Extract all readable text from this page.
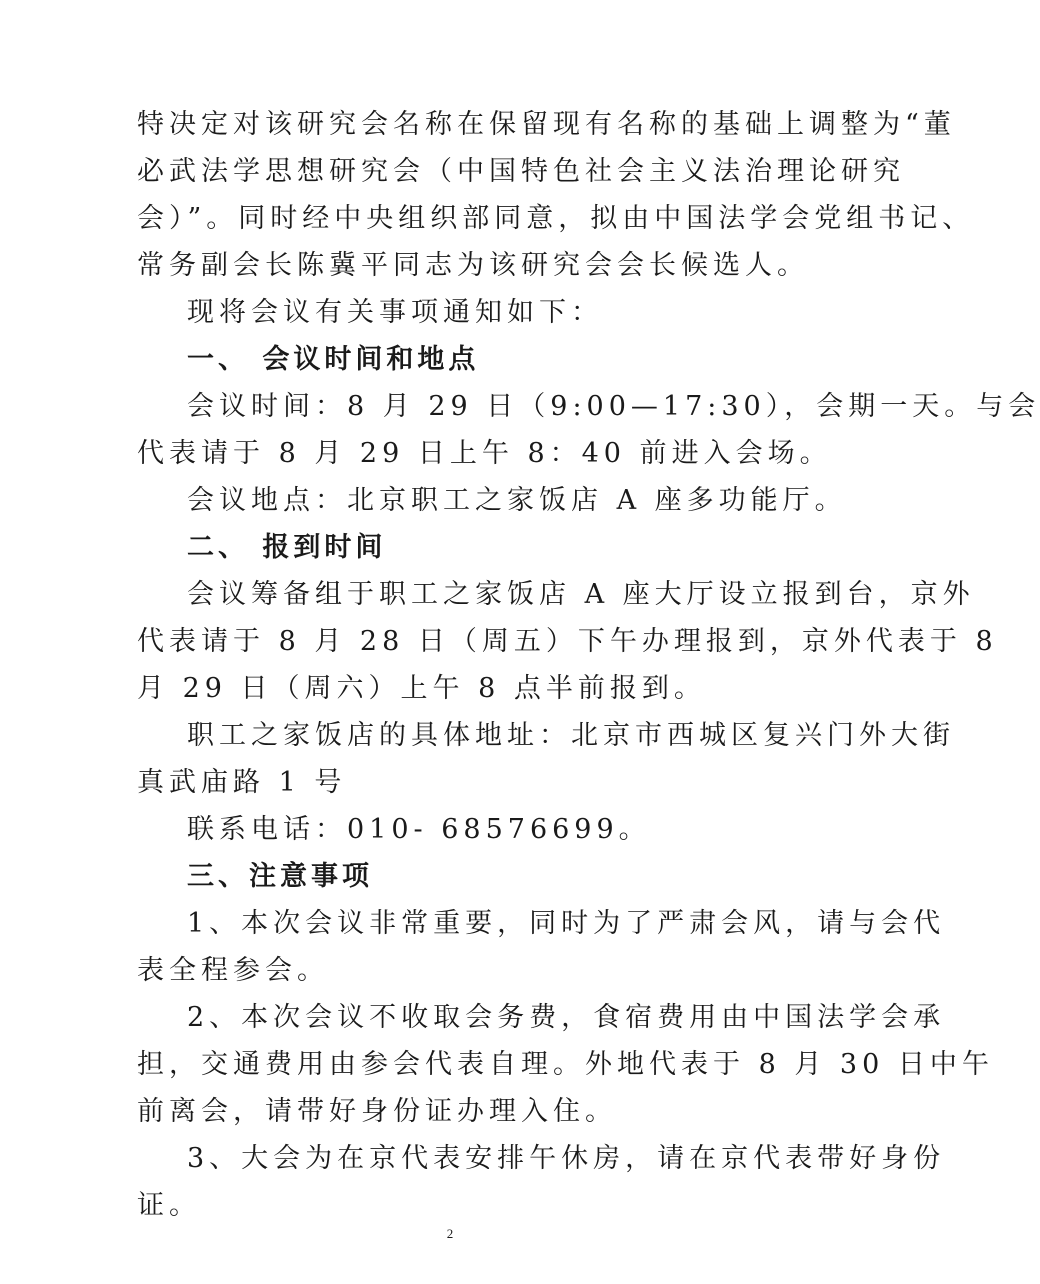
特决定对该研究会名称在保留现有名称的基础上调整为“董
必武法学思想研究会（中国特色社会主义法治理论研究
会）”。同时经中央组织部同意，拟由中国法学会党组书记、
常务副会长陈冀平同志为该研究会会长候选人。
现将会议有关事项通知如下：
一、 会议时间和地点
会议时间：8 月 29 日（9:00—17:30），会期一天。与会
代表请于 8 月 29 日上午 8：40 前进入会场。
会议地点：北京职工之家饭店 A 座多功能厅。
二、 报到时间
会议筹备组于职工之家饭店 A 座大厅设立报到台，京外
代表请于 8 月 28 日（周五）下午办理报到，京外代表于 8
月 29 日（周六）上午 8 点半前报到。
职工之家饭店的具体地址：北京市西城区复兴门外大街
真武庙路 1 号
联系电话：010- 68576699。
三、注意事项
1、本次会议非常重要，同时为了严肃会风，请与会代
表全程参会。
2、本次会议不收取会务费，食宿费用由中国法学会承
担，交通费用由参会代表自理。外地代表于 8 月 30 日中午
前离会，请带好身份证办理入住。
3、大会为在京代表安排午休房，请在京代表带好身份
证。
2
